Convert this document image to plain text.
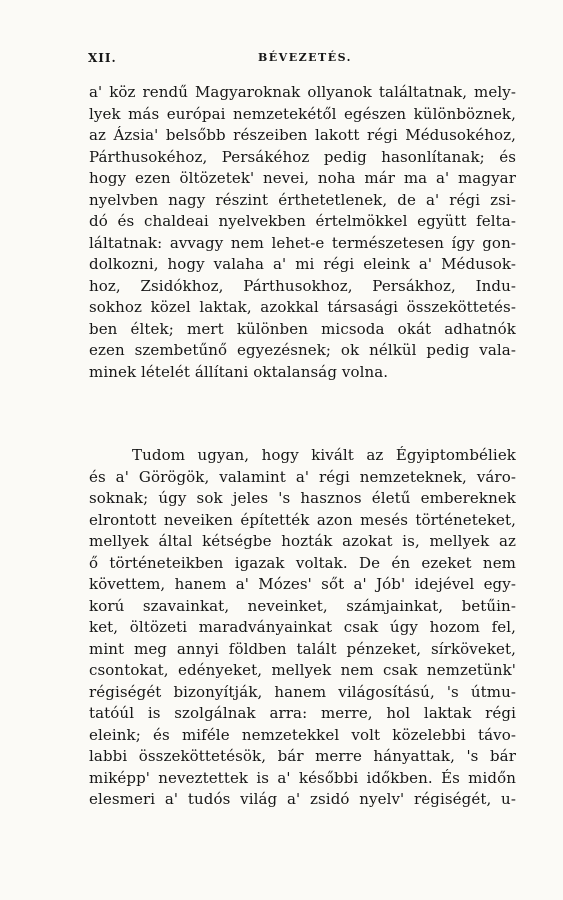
XII.	BÉVEZETÉS.
a' köz rendű Magyaroknak ollyanok találtatnak, mely-
lyek más európai nemzetekétől egészen különböznek,
az Ázsia' belsőbb részeiben lakott régi Médusokéhoz,
Párthusokéhoz, Persákéhoz pedig hasonlítanak; és
hogy ezen öltözetek' nevei, noha már ma a' magyar
nyelvben nagy részint érthetetlenek, de a' régi zsi-
dó és chaldeai nyelvekben értelmökkel együtt felta-
láltatnak: avvagy nem lehet-e természetesen így gon-
dolkozni, hogy valaha a' mi régi eleink a' Médusok-
hoz, Zsidókhoz, Párthusokhoz, Persákhoz, Indu-
sokhoz közel laktak, azokkal társasági összeköttetés-
ben éltek; mert különben micsoda okát adhatnók
ezen szembetűnő egyezésnek; ok nélkül pedig vala-
minek lételét állítani oktalanság volna.
Tudom ugyan, hogy kivált az Égyiptombéliek
és a' Görögök, valamint a' régi nemzeteknek, váro-
soknak; úgy sok jeles 's hasznos életű embereknek
elrontott neveiken építették azon mesés történeteket,
mellyek által kétségbe hozták azokat is, mellyek az
ő történeteikben igazak voltak. De én ezeket nem
követtem, hanem a' Mózes' sőt a' Jób' idejével egy-
korú szavainkat, neveinket, számjainkat, betűin-
ket, öltözeti maradványainkat csak úgy hozom fel,
mint meg annyi földben talált pénzeket, sírköveket,
csontokat, edényeket, mellyek nem csak nemzetünk'
régiségét bizonyítják, hanem világosítású, 's útmu-
tatóúl is szolgálnak arra: merre, hol laktak régi
eleink; és miféle nemzetekkel volt közelebbi távo-
labbi összeköttetésök, bár merre hányattak, 's bár
miképp' neveztettek is a' későbbi időkben. És midőn
elesmeri a' tudós világ a' zsidó nyelv' régiségét, u-
